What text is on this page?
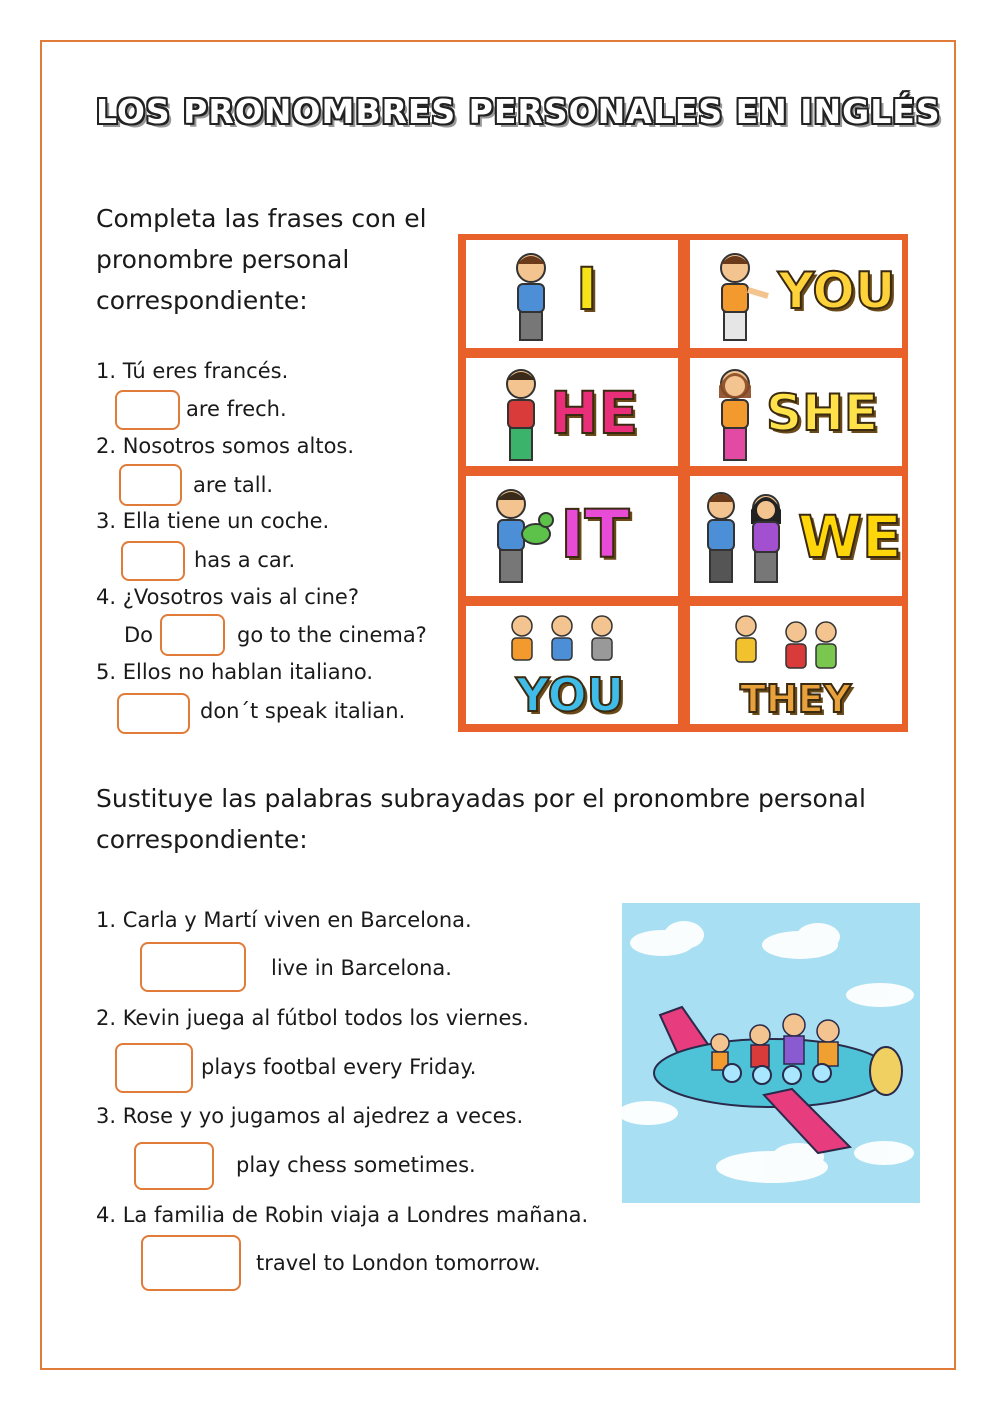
LOS PRONOMBRES PERSONALES EN INGLÉS
Completa las frases con el pronombre personal correspondiente:
1. Tú eres francés.
are frech.
2. Nosotros somos altos.
are tall.
3. Ella tiene un coche.
has a car.
4. ¿Vosotros vais al cine?
Do	go to the cinema?
5. Ellos no hablan italiano.
don´t speak italian.
I	YOU
HE	SHE
IT	WE
YOU	THEY
Sustituye las palabras subrayadas por el pronombre personal correspondiente:
1. Carla y Martí viven en Barcelona.
live in Barcelona.
2. Kevin juega al fútbol todos los viernes.
plays footbal every Friday.
3. Rose y yo jugamos al ajedrez a veces.
play chess sometimes.
4. La familia de Robin viaja a Londres mañana.
travel to London tomorrow.
